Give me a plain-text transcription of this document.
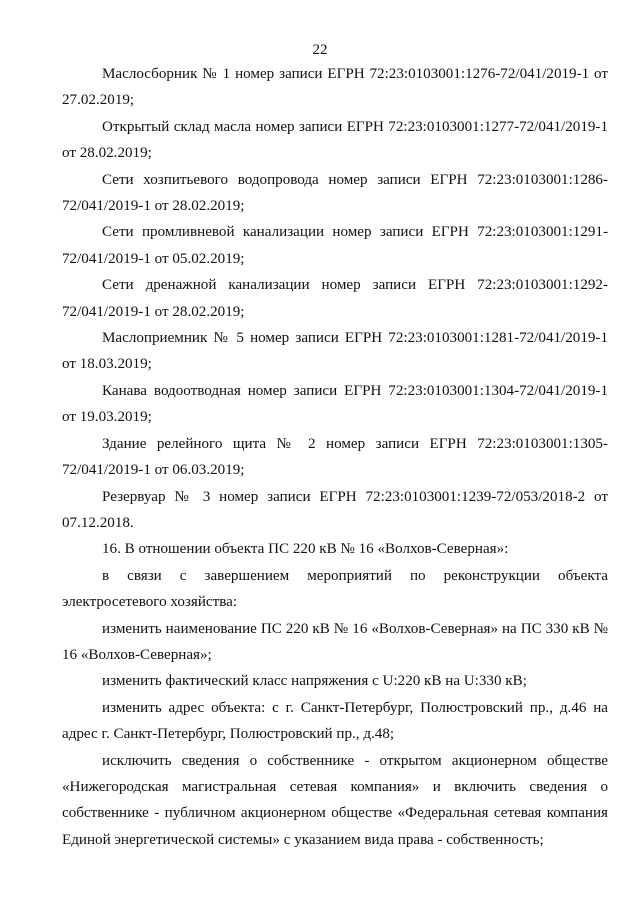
22

Маслосборник № 1 номер записи ЕГРН 72:23:0103001:1276-72/041/2019-1 от 27.02.2019;

Открытый склад масла номер записи ЕГРН 72:23:0103001:1277-72/041/2019-1 от 28.02.2019;

Сети хозпитьевого водопровода номер записи ЕГРН 72:23:0103001:1286-72/041/2019-1 от 28.02.2019;

Сети промливневой канализации номер записи ЕГРН 72:23:0103001:1291-72/041/2019-1 от 05.02.2019;

Сети дренажной канализации номер записи ЕГРН 72:23:0103001:1292-72/041/2019-1 от 28.02.2019;

Маслоприемник № 5 номер записи ЕГРН 72:23:0103001:1281-72/041/2019-1 от 18.03.2019;

Канава водоотводная номер записи ЕГРН 72:23:0103001:1304-72/041/2019-1 от 19.03.2019;

Здание релейного щита № 2 номер записи ЕГРН 72:23:0103001:1305-72/041/2019-1 от 06.03.2019;

Резервуар № 3 номер записи ЕГРН 72:23:0103001:1239-72/053/2018-2 от 07.12.2018.

16. В отношении объекта ПС 220 кВ № 16 «Волхов-Северная»:

в связи с завершением мероприятий по реконструкции объекта электросетевого хозяйства:

изменить наименование ПС 220 кВ № 16 «Волхов-Северная» на ПС 330 кВ № 16 «Волхов-Северная»;

изменить фактический класс напряжения с U:220 кВ на U:330 кВ;

изменить адрес объекта: с г. Санкт-Петербург, Полюстровский пр., д.46 на адрес г. Санкт-Петербург, Полюстровский пр., д.48;

исключить сведения о собственнике - открытом акционерном обществе «Нижегородская магистральная сетевая компания» и включить сведения о собственнике - публичном акционерном обществе «Федеральная сетевая компания Единой энергетической системы» с указанием вида права - собственность;
